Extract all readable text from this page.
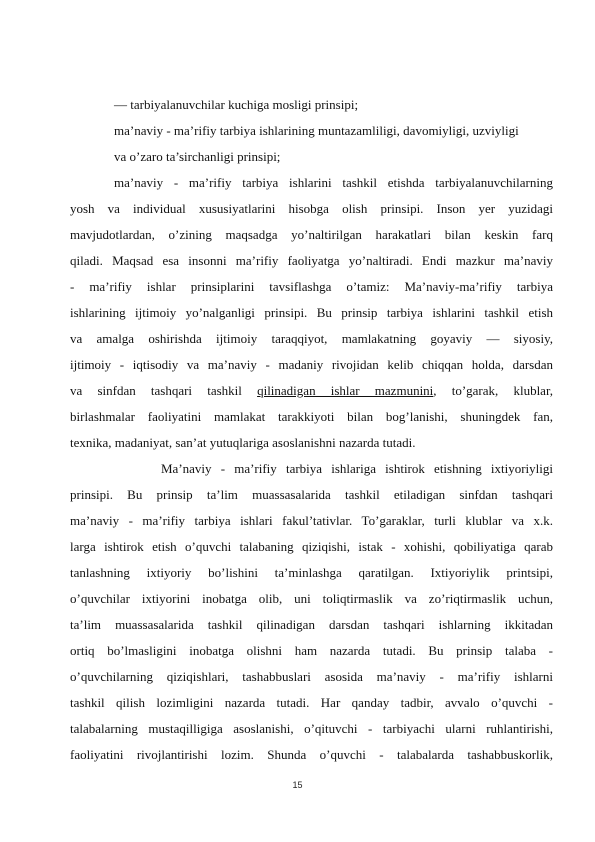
— tarbiyalanuvchilar kuchiga mosligi prinsipi;

ma’naviy - ma’rifiy tarbiya ishlarining muntazamliligi, davomiyligi, uzviyligi

va o’zaro ta’sirchanligi prinsipi;

ma’naviy - ma’rifiy tarbiya ishlarini tashkil etishda tarbiyalanuvchilarning

yosh va individual xususiyatlarini hisobga olish prinsipi. Inson yer yuzidagi

mavjudotlardan, o’zining maqsadga yo’naltirilgan harakatlari bilan keskin farq

qiladi. Maqsad esa insonni ma’rifiy faoliyatga yo’naltiradi. Endi mazkur ma’naviy

- ma’rifiy ishlar prinsiplarini tavsiflashga o’tamiz: Ma’naviy-ma’rifiy tarbiya

ishlarining ijtimoiy yo’nalganligi prinsipi. Bu prinsip tarbiya ishlarini tashkil etish

va amalga oshirishda ijtimoiy taraqqiyot, mamlakatning goyaviy — siyosiy,

ijtimoiy - iqtisodiy va ma’naviy - madaniy rivojidan kelib chiqqan holda, darsdan

va sinfdan tashqari tashkil qilinadigan ishlar mazmunini, to’garak, klublar,

birlashmalar faoliyatini mamlakat tarakkiyoti bilan bog’lanishi, shuningdek fan,

texnika, madaniyat, san’at yutuqlariga asoslanishni nazarda tutadi.

Ma’naviy - ma’rifiy tarbiya ishlariga ishtirok etishning ixtiyoriyligi

prinsipi. Bu prinsip ta’lim muassasalarida tashkil etiladigan sinfdan tashqari

ma’naviy - ma’rifiy tarbiya ishlari fakul’tativlar. To’garaklar, turli klublar va x.k.

larga ishtirok etish o’quvchi talabaning qiziqishi, istak - xohishi, qobiliyatiga qarab

tanlashning ixtiyoriy bo’lishini ta’minlashga qaratilgan. Ixtiyoriylik printsipi,

o’quvchilar ixtiyorini inobatga olib, uni toliqtirmaslik va zo’riqtirmaslik uchun,

ta’lim muassasalarida tashkil qilinadigan darsdan tashqari ishlarning ikkitadan

ortiq bo’lmasligini inobatga olishni ham nazarda tutadi. Bu prinsip talaba -

o’quvchilarning qiziqishlari, tashabbuslari asosida ma’naviy - ma’rifiy ishlarni

tashkil qilish lozimligini nazarda tutadi. Har qanday tadbir, avvalo o’quvchi -

talabalarning mustaqilligiga asoslanishi, o’qituvchi - tarbiyachi ularni ruhlantirishi,

faoliyatini rivojlantirishi lozim. Shunda o’quvchi - talabalarda tashabbuskorlik,

15
